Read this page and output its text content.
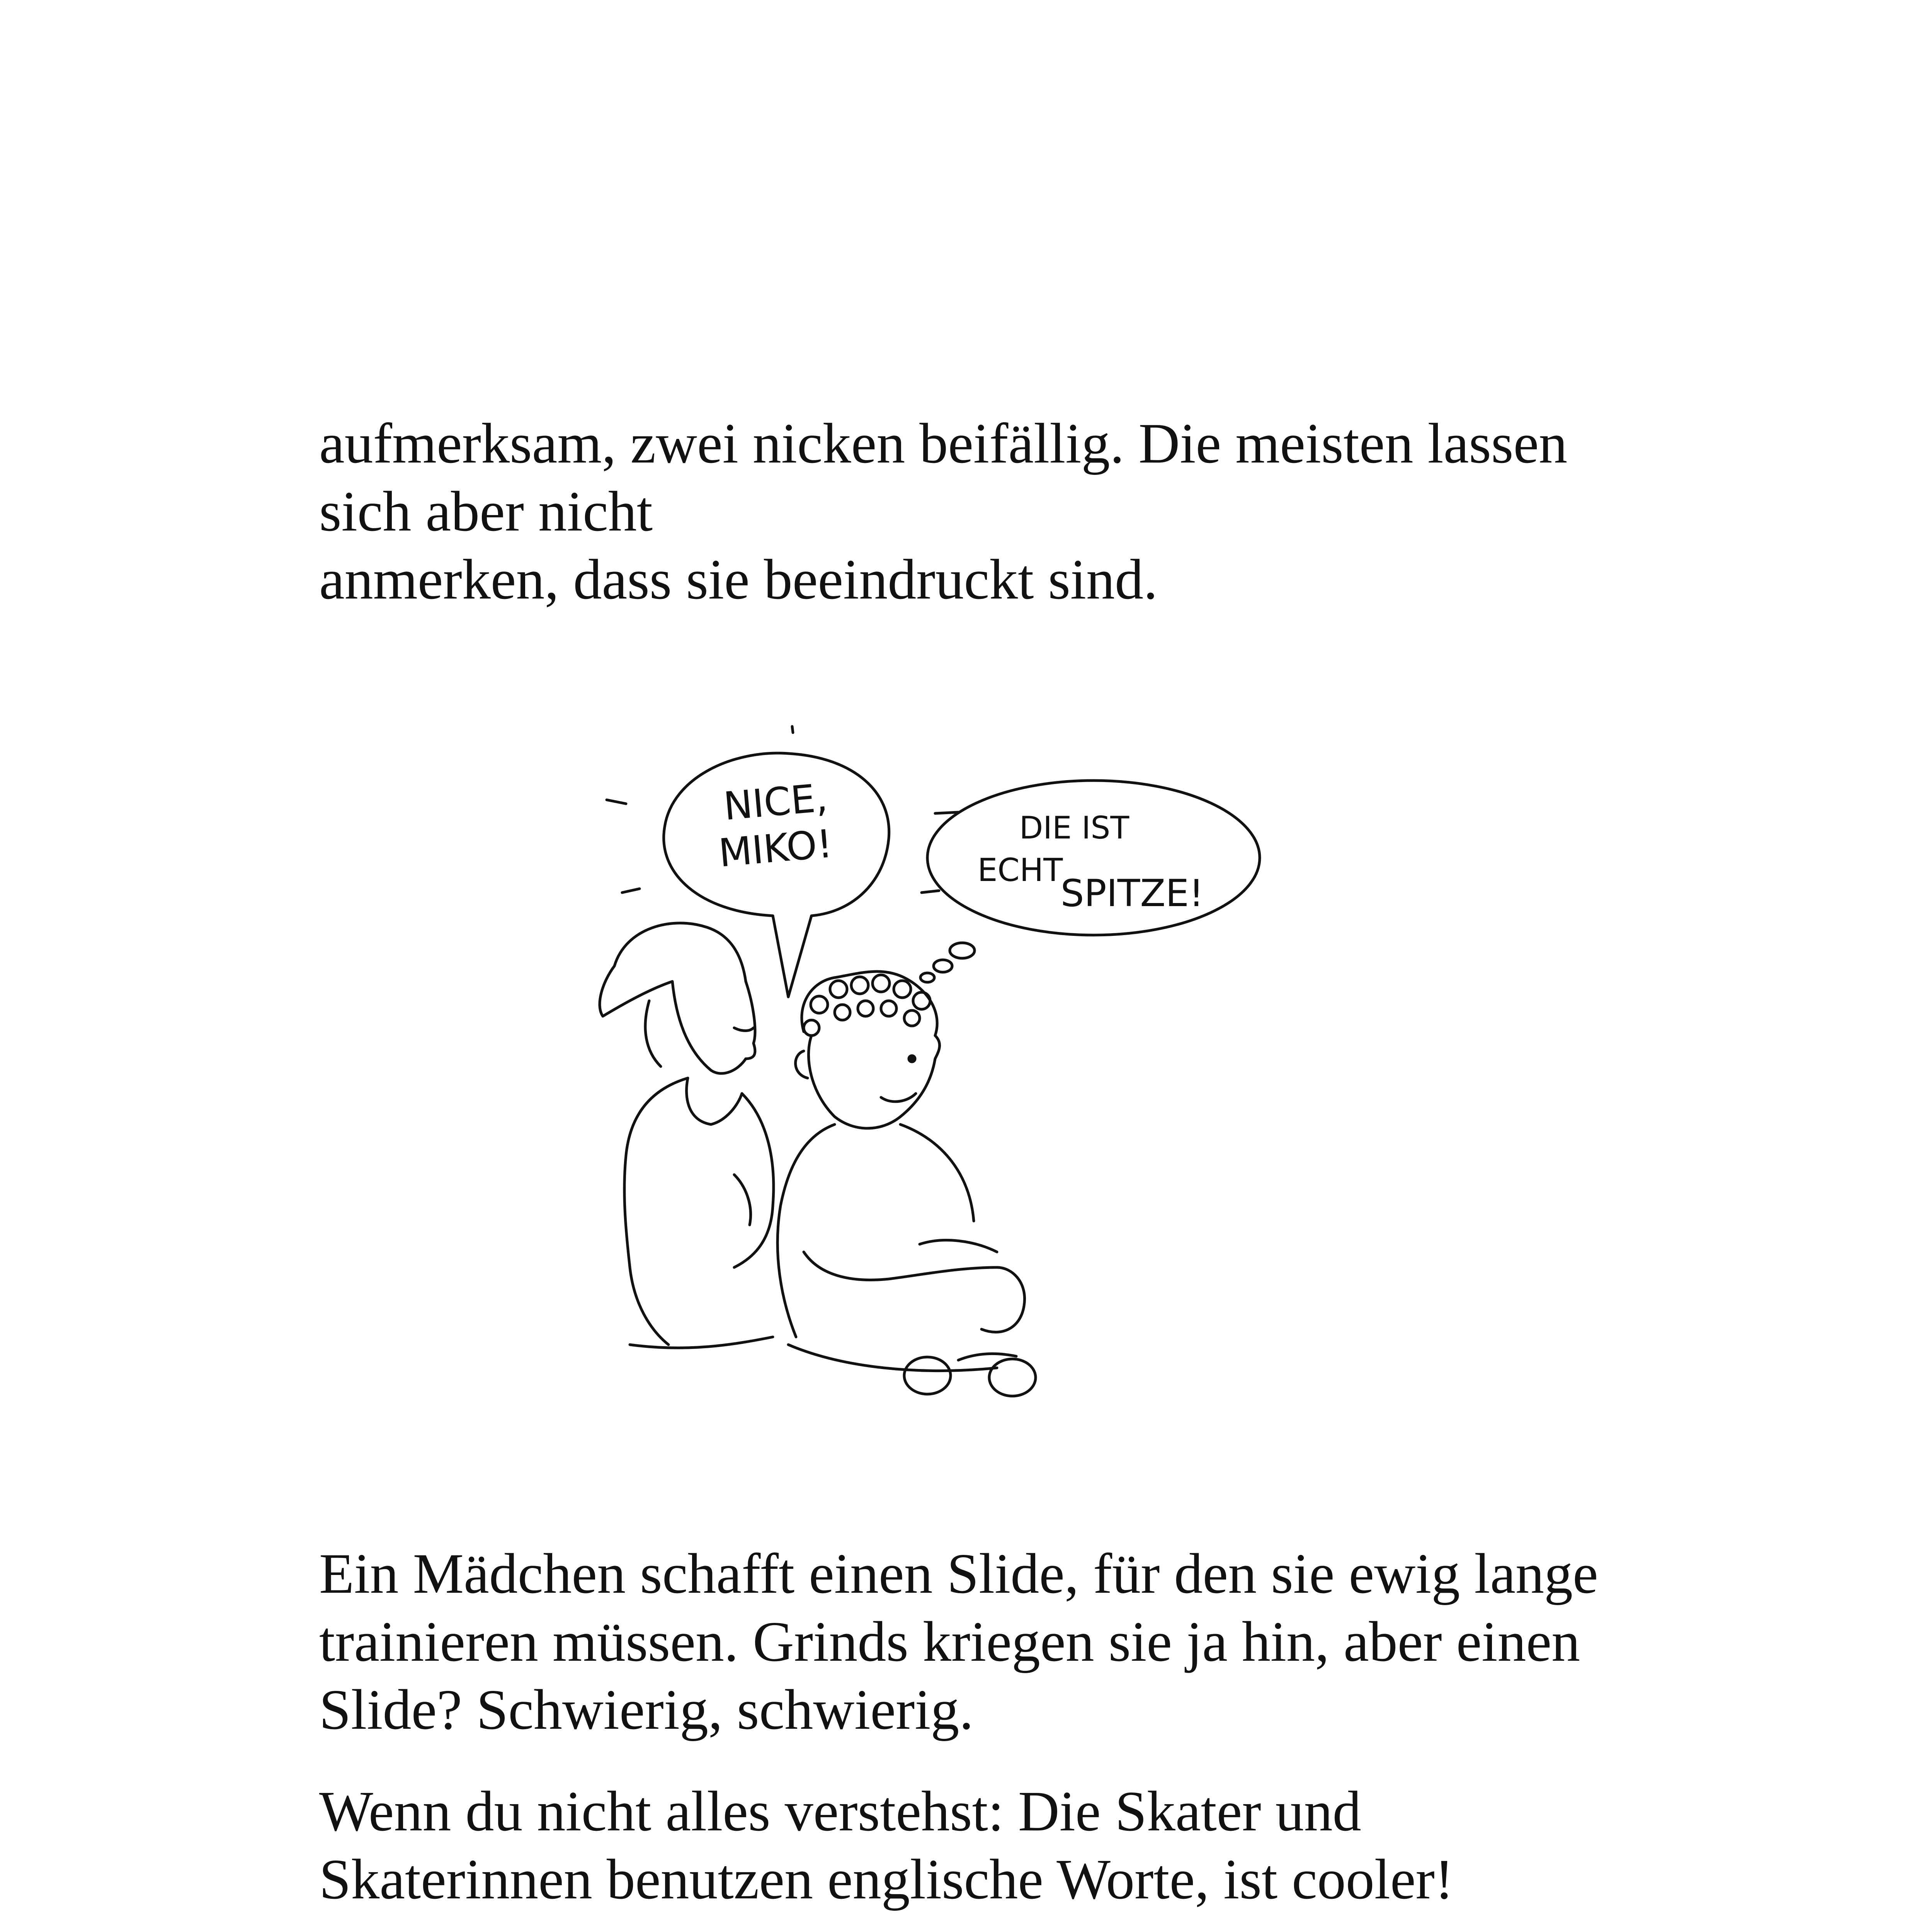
aufmerksam, zwei nicken beifällig. Die meisten lassen
sich aber nicht
anmerken, dass sie beeindruckt sind.

NICE,
MIKO!	DIE IST
ECHT
SPITZE!

Ein Mädchen schafft einen Slide, für den sie ewig lange
trainieren müssen. Grinds kriegen sie ja hin, aber einen
Slide? Schwierig, schwierig.

Wenn du nicht alles verstehst: Die Skater und
Skaterinnen benutzen englische Worte, ist cooler!
